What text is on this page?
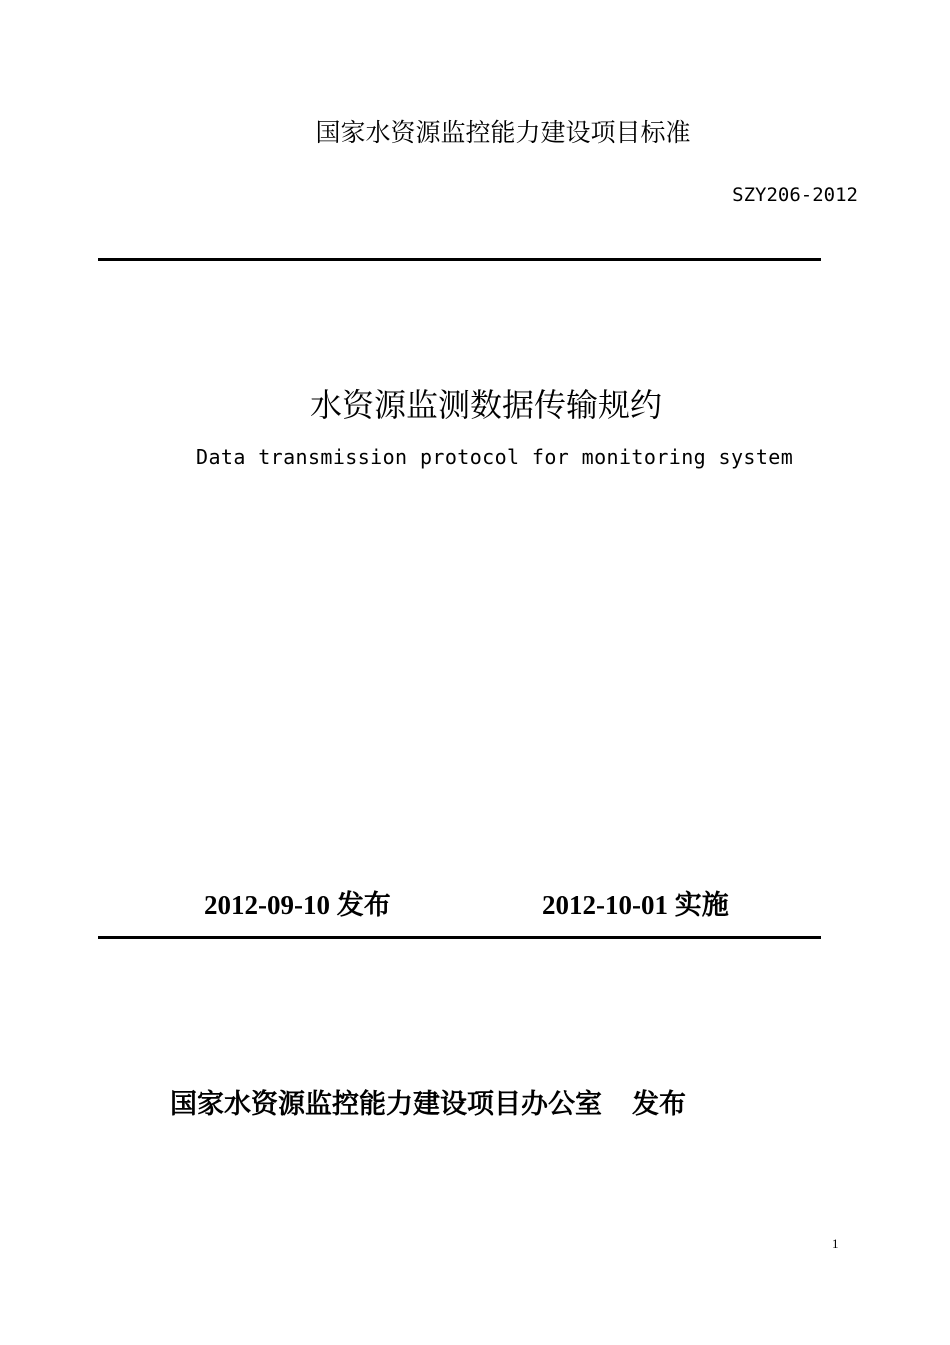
国家水资源监控能力建设项目标准
SZY206-2012
水资源监测数据传输规约
Data transmission protocol for monitoring system
2012-09-10 发布	2012-10-01 实施
国家水资源监控能力建设项目办公室 发布
1
